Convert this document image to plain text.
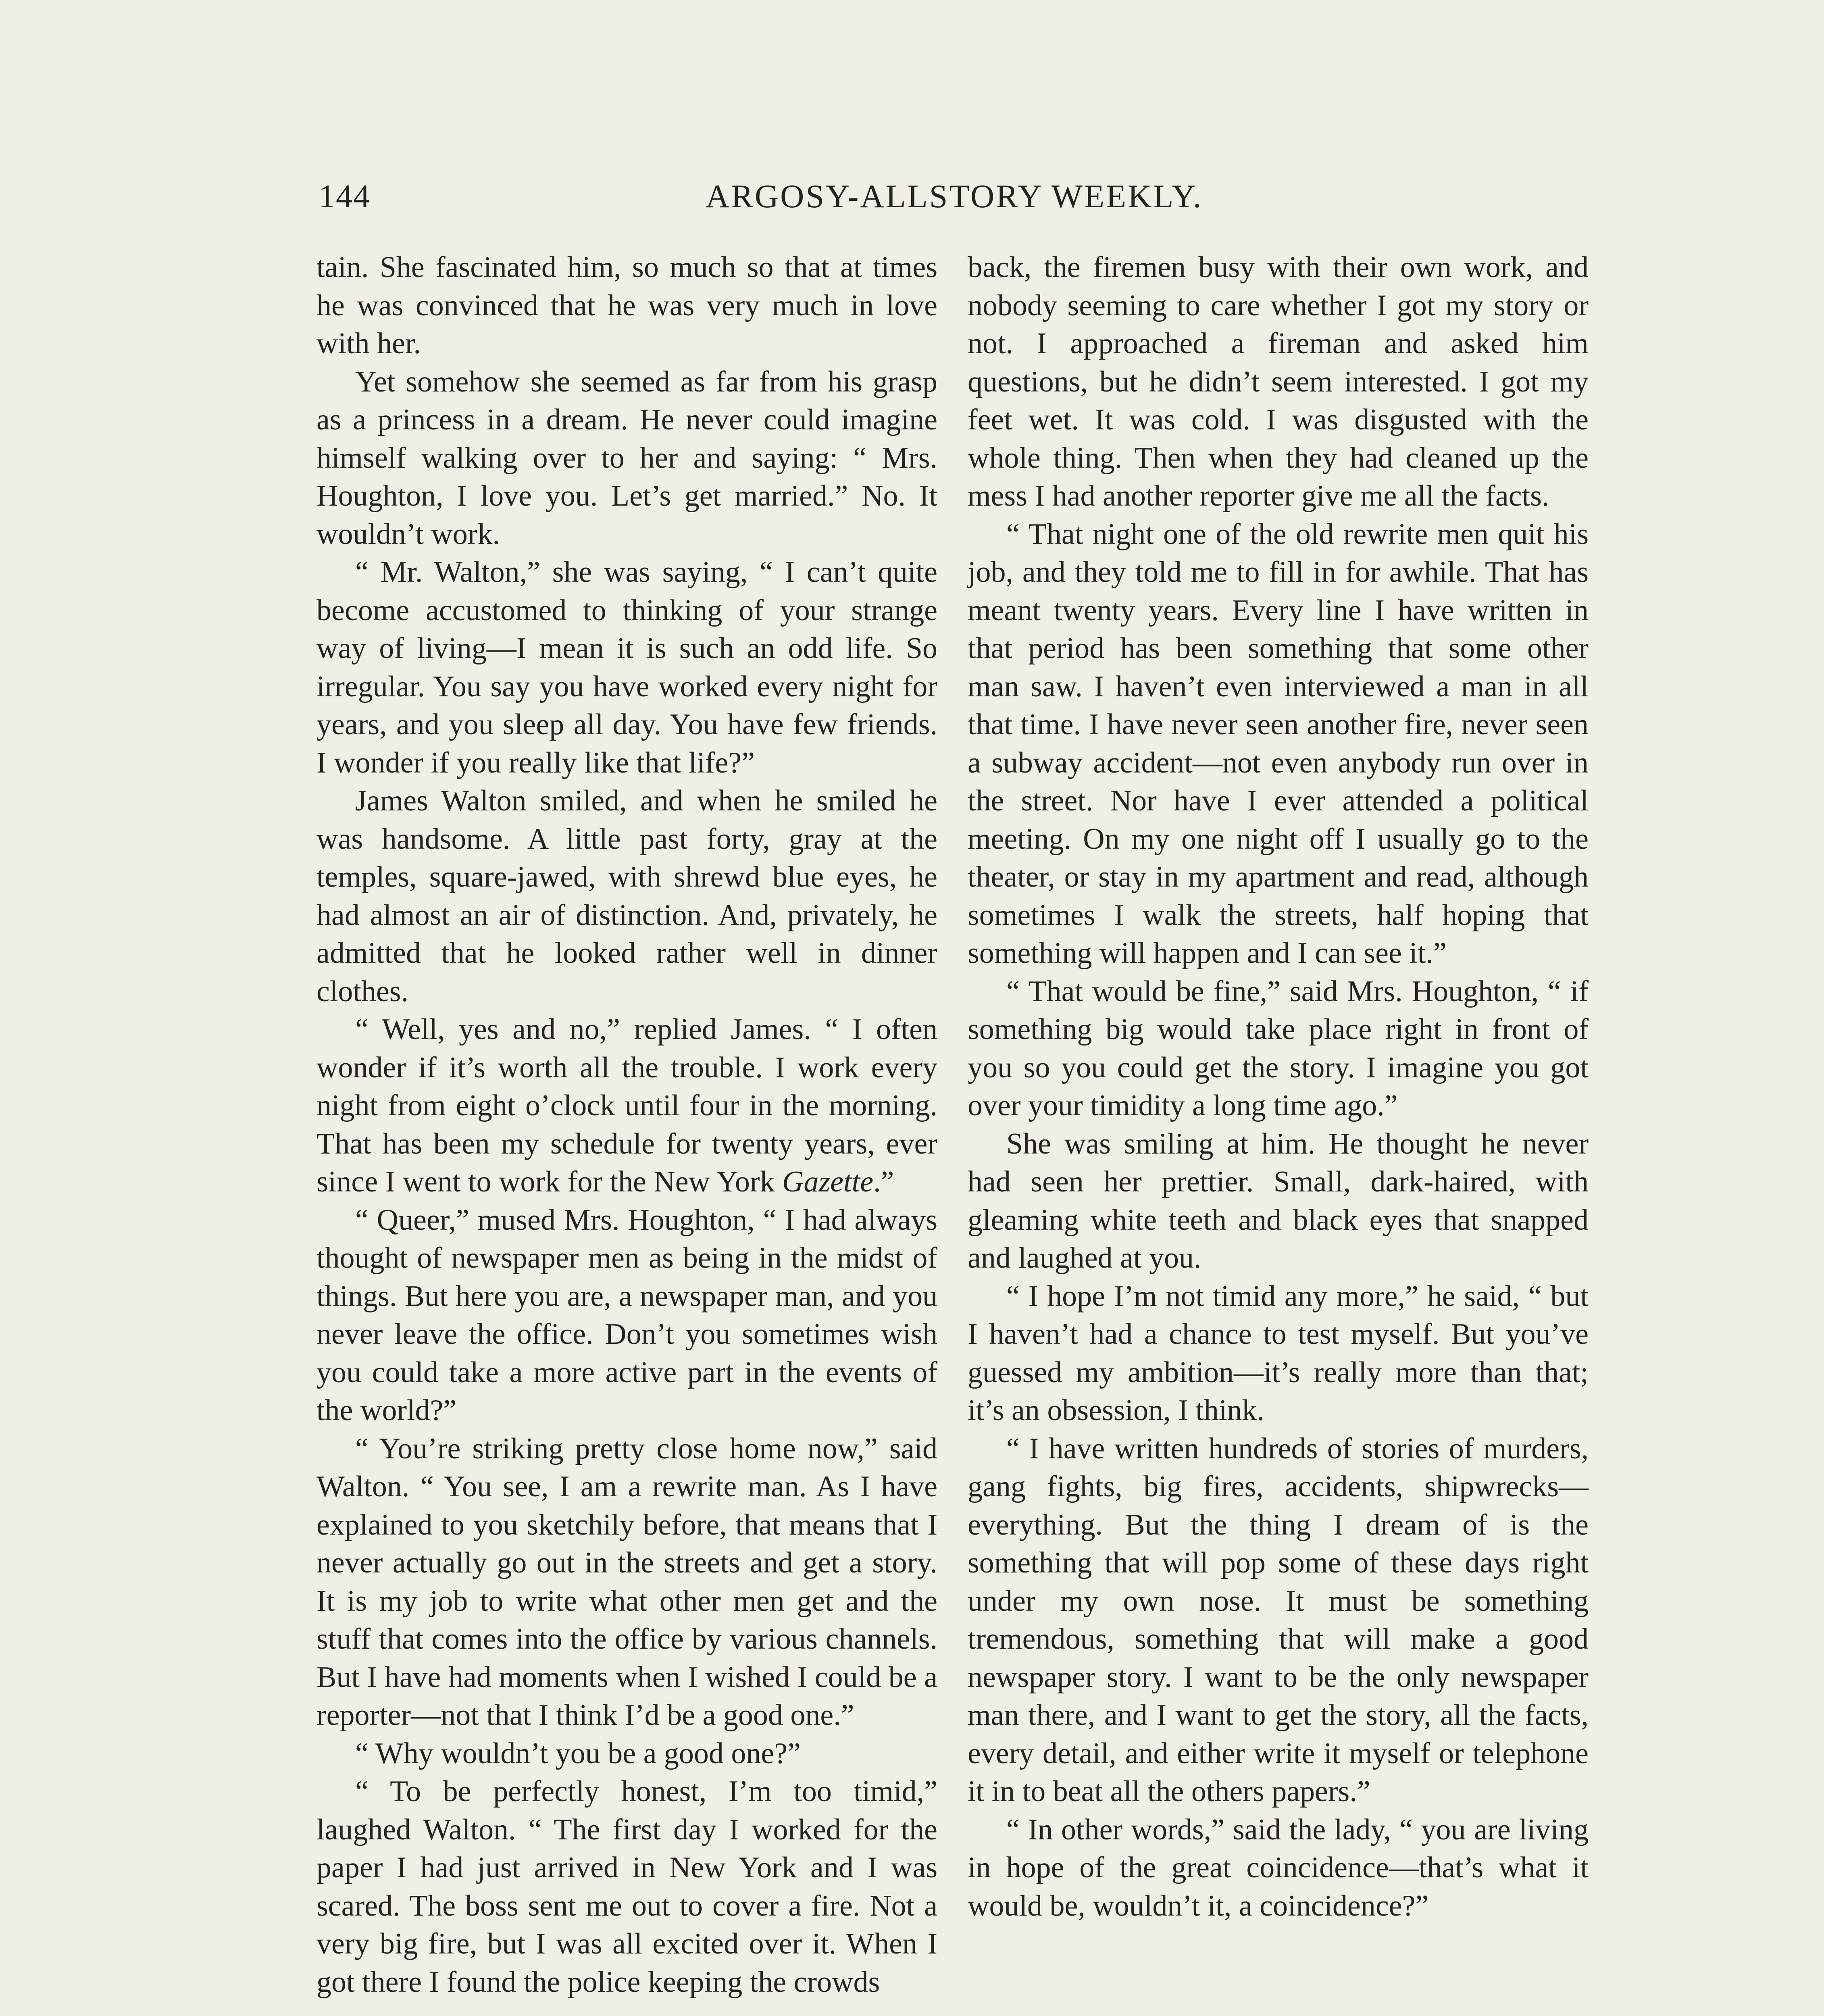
144	ARGOSY-ALLSTORY WEEKLY.

tain. She fascinated him, so much so that at times he was convinced that he was very much in love with her.

Yet somehow she seemed as far from his grasp as a princess in a dream. He never could imagine himself walking over to her and saying: “ Mrs. Houghton, I love you. Let’s get married.” No. It wouldn’t work.

“ Mr. Walton,” she was saying, “ I can’t quite become accustomed to thinking of your strange way of living—I mean it is such an odd life. So irregular. You say you have worked every night for years, and you sleep all day. You have few friends. I wonder if you really like that life?”

James Walton smiled, and when he smiled he was handsome. A little past forty, gray at the temples, square-jawed, with shrewd blue eyes, he had almost an air of distinction. And, privately, he admitted that he looked rather well in dinner clothes.

“ Well, yes and no,” replied James. “ I often wonder if it’s worth all the trouble. I work every night from eight o’clock until four in the morning. That has been my schedule for twenty years, ever since I went to work for the New York Gazette.”

“ Queer,” mused Mrs. Houghton, “ I had always thought of newspaper men as being in the midst of things. But here you are, a newspaper man, and you never leave the office. Don’t you sometimes wish you could take a more active part in the events of the world?”

“ You’re striking pretty close home now,” said Walton. “ You see, I am a rewrite man. As I have explained to you sketchily before, that means that I never actually go out in the streets and get a story. It is my job to write what other men get and the stuff that comes into the office by various channels. But I have had moments when I wished I could be a reporter—not that I think I’d be a good one.”

“ Why wouldn’t you be a good one?”

“ To be perfectly honest, I’m too timid,” laughed Walton. “ The first day I worked for the paper I had just arrived in New York and I was scared. The boss sent me out to cover a fire. Not a very big fire, but I was all excited over it. When I got there I found the police keeping the crowds

back, the firemen busy with their own work, and nobody seeming to care whether I got my story or not. I approached a fireman and asked him questions, but he didn’t seem interested. I got my feet wet. It was cold. I was disgusted with the whole thing. Then when they had cleaned up the mess I had another reporter give me all the facts.

“ That night one of the old rewrite men quit his job, and they told me to fill in for awhile. That has meant twenty years. Every line I have written in that period has been something that some other man saw. I haven’t even interviewed a man in all that time. I have never seen another fire, never seen a subway accident—not even anybody run over in the street. Nor have I ever attended a political meeting. On my one night off I usually go to the theater, or stay in my apartment and read, although sometimes I walk the streets, half hoping that something will happen and I can see it.”

“ That would be fine,” said Mrs. Houghton, “ if something big would take place right in front of you so you could get the story. I imagine you got over your timidity a long time ago.”

She was smiling at him. He thought he never had seen her prettier. Small, dark-haired, with gleaming white teeth and black eyes that snapped and laughed at you.

“ I hope I’m not timid any more,” he said, “ but I haven’t had a chance to test myself. But you’ve guessed my ambition—it’s really more than that; it’s an obsession, I think.

“ I have written hundreds of stories of murders, gang fights, big fires, accidents, shipwrecks—everything. But the thing I dream of is the something that will pop some of these days right under my own nose. It must be something tremendous, something that will make a good newspaper story. I want to be the only newspaper man there, and I want to get the story, all the facts, every detail, and either write it myself or telephone it in to beat all the others papers.”

“ In other words,” said the lady, “ you are living in hope of the great coincidence—that’s what it would be, wouldn’t it, a coincidence?”
